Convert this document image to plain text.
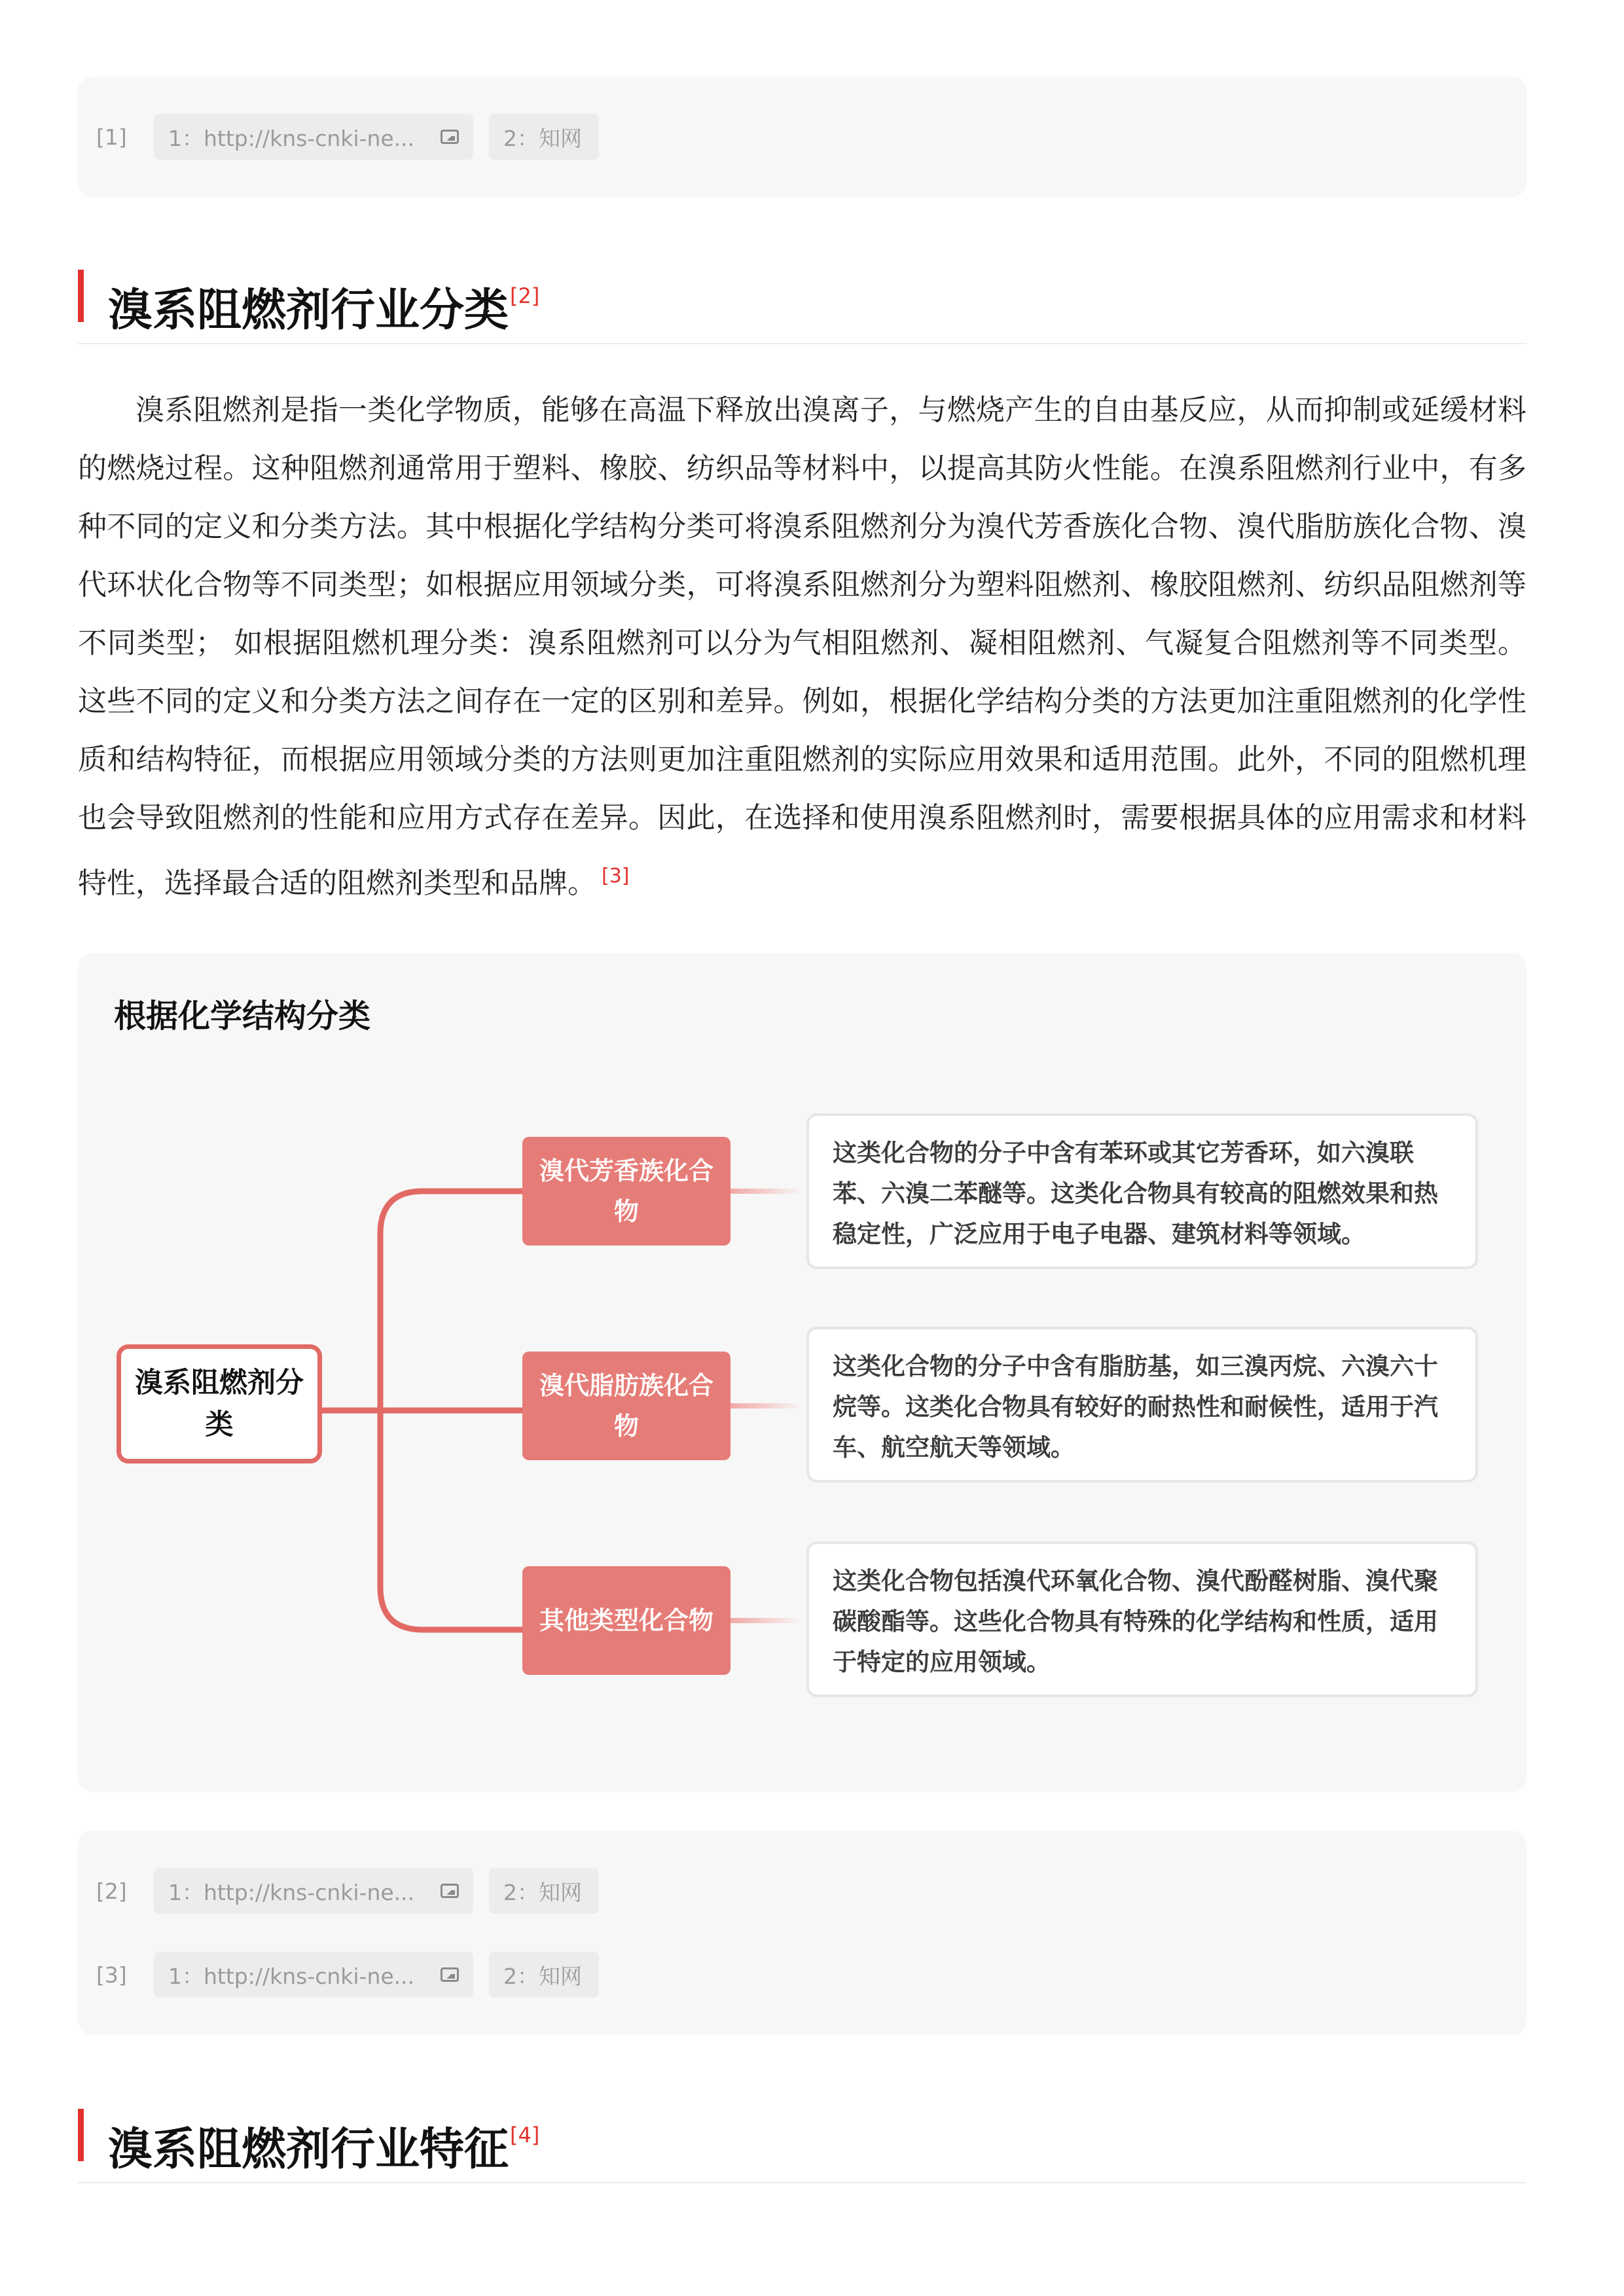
[1]	1：http://kns-cnki-ne...	2：知网
溴系阻燃剂行业分类[2]
溴系阻燃剂是指一类化学物质，能够在高温下释放出溴离子，与燃烧产生的自由基反应，从而抑制或延缓材料的燃烧过程。这种阻燃剂通常用于塑料、橡胶、纺织品等材料中，以提高其防火性能。在溴系阻燃剂行业中，有多种不同的定义和分类方法。其中根据化学结构分类可将溴系阻燃剂分为溴代芳香族化合物、溴代脂肪族化合物、溴代环状化合物等不同类型；如根据应用领域分类，可将溴系阻燃剂分为塑料阻燃剂、橡胶阻燃剂、纺织品阻燃剂等不同类型； 如根据阻燃机理分类：溴系阻燃剂可以分为气相阻燃剂、凝相阻燃剂、气凝复合阻燃剂等不同类型。这些不同的定义和分类方法之间存在一定的区别和差异。例如，根据化学结构分类的方法更加注重阻燃剂的化学性质和结构特征，而根据应用领域分类的方法则更加注重阻燃剂的实际应用效果和适用范围。此外，不同的阻燃机理也会导致阻燃剂的性能和应用方式存在差异。因此，在选择和使用溴系阻燃剂时，需要根据具体的应用需求和材料特性，选择最合适的阻燃剂类型和品牌。 [3]
根据化学结构分类
溴系阻燃剂分类
溴代芳香族化合物
这类化合物的分子中含有苯环或其它芳香环，如六溴联苯、六溴二苯醚等。这类化合物具有较高的阻燃效果和热稳定性，广泛应用于电子电器、建筑材料等领域。
溴代脂肪族化合物
这类化合物的分子中含有脂肪基，如三溴丙烷、六溴六十烷等。这类化合物具有较好的耐热性和耐候性，适用于汽车、航空航天等领域。
其他类型化合物
这类化合物包括溴代环氧化合物、溴代酚醛树脂、溴代聚碳酸酯等。这些化合物具有特殊的化学结构和性质，适用于特定的应用领域。
[2]	1：http://kns-cnki-ne...	2：知网
[3]	1：http://kns-cnki-ne...	2：知网
溴系阻燃剂行业特征[4]
